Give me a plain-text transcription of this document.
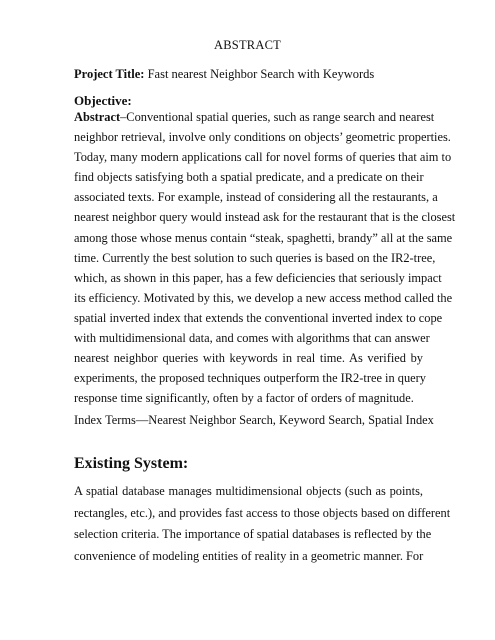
ABSTRACT
Project Title: Fast nearest Neighbor Search with Keywords
Objective:
Abstract–Conventional spatial queries, such as range search and nearest
neighbor retrieval, involve only conditions on objects’ geometric properties.
Today, many modern applications call for novel forms of queries that aim to
find objects satisfying both a spatial predicate, and a predicate on their
associated texts. For example, instead of considering all the restaurants, a
nearest neighbor query would instead ask for the restaurant that is the closest
among those whose menus contain “steak, spaghetti, brandy” all at the same
time. Currently the best solution to such queries is based on the IR2-tree,
which, as shown in this paper, has a few deficiencies that seriously impact
its efficiency. Motivated by this, we develop a new access method called the
spatial inverted index that extends the conventional inverted index to cope
with multidimensional data, and comes with algorithms that can answer
nearest neighbor queries with keywords in real time. As verified by
experiments, the proposed techniques outperform the IR2-tree in query
response time significantly, often by a factor of orders of magnitude.
Index Terms—Nearest Neighbor Search, Keyword Search, Spatial Index
Existing System:
A spatial database manages multidimensional objects (such as points,
rectangles, etc.), and provides fast access to those objects based on different
selection criteria. The importance of spatial databases is reflected by the
convenience of modeling entities of reality in a geometric manner. For
